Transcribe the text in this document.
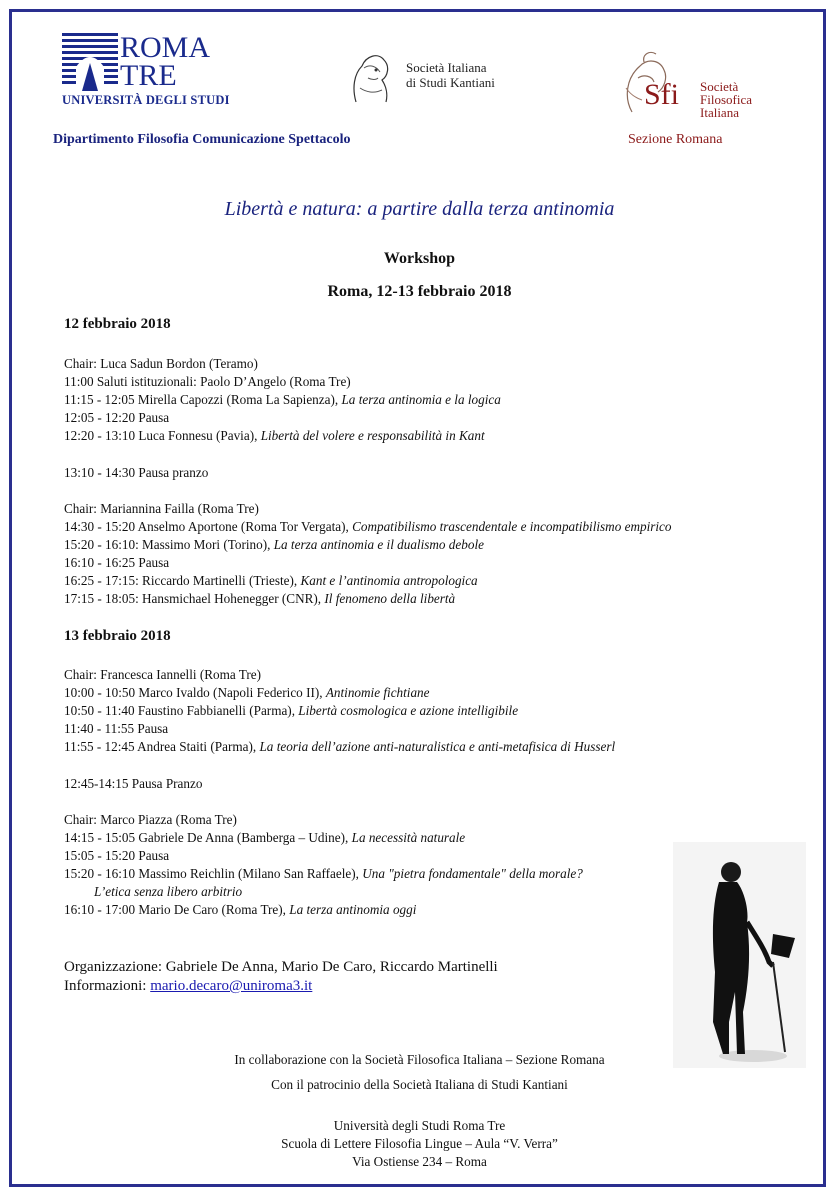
ROMA
TRE
UNIVERSITÀ DEGLI STUDI
Società Italiana
di Studi Kantiani	Sfi Società
Filosofica
Italiana
Dipartimento Filosofia Comunicazione Spettacolo	Sezione Romana
Libertà e natura: a partire dalla terza antinomia
Workshop
Roma, 12-13 febbraio 2018
12 febbraio 2018
Chair: Luca Sadun Bordon (Teramo)
11:00 Saluti istituzionali: Paolo D’Angelo (Roma Tre)
11:15 - 12:05 Mirella Capozzi (Roma La Sapienza), La terza antinomia e la logica
12:05 - 12:20 Pausa
12:20 - 13:10 Luca Fonnesu (Pavia), Libertà del volere e responsabilità in Kant
13:10 - 14:30 Pausa pranzo
Chair: Mariannina Failla (Roma Tre)
14:30 - 15:20 Anselmo Aportone (Roma Tor Vergata), Compatibilismo trascendentale e incompatibilismo empirico
15:20 - 16:10: Massimo Mori (Torino), La terza antinomia e il dualismo debole
16:10 - 16:25 Pausa
16:25 - 17:15: Riccardo Martinelli (Trieste), Kant e l’antinomia antropologica
17:15 - 18:05: Hansmichael Hohenegger (CNR), Il fenomeno della libertà
13 febbraio 2018
Chair: Francesca Iannelli (Roma Tre)
10:00 - 10:50 Marco Ivaldo (Napoli Federico II), Antinomie fichtiane
10:50 - 11:40 Faustino Fabbianelli (Parma), Libertà cosmologica e azione intelligibile
11:40 - 11:55 Pausa
11:55 - 12:45 Andrea Staiti (Parma), La teoria dell’azione anti-naturalistica e anti-metafisica di Husserl
12:45-14:15 Pausa Pranzo
Chair: Marco Piazza (Roma Tre)
14:15 - 15:05 Gabriele De Anna (Bamberga – Udine), La necessità naturale
15:05 - 15:20 Pausa
15:20 - 16:10 Massimo Reichlin (Milano San Raffaele), Una "pietra fondamentale" della morale?
L’etica senza libero arbitrio
16:10 - 17:00 Mario De Caro (Roma Tre), La terza antinomia oggi
Organizzazione: Gabriele De Anna, Mario De Caro, Riccardo Martinelli
Informazioni: mario.decaro@uniroma3.it
In collaborazione con la Società Filosofica Italiana – Sezione Romana
Con il patrocinio della Società Italiana di Studi Kantiani
Università degli Studi Roma Tre
Scuola di Lettere Filosofia Lingue – Aula “V. Verra”
Via Ostiense 234 – Roma
